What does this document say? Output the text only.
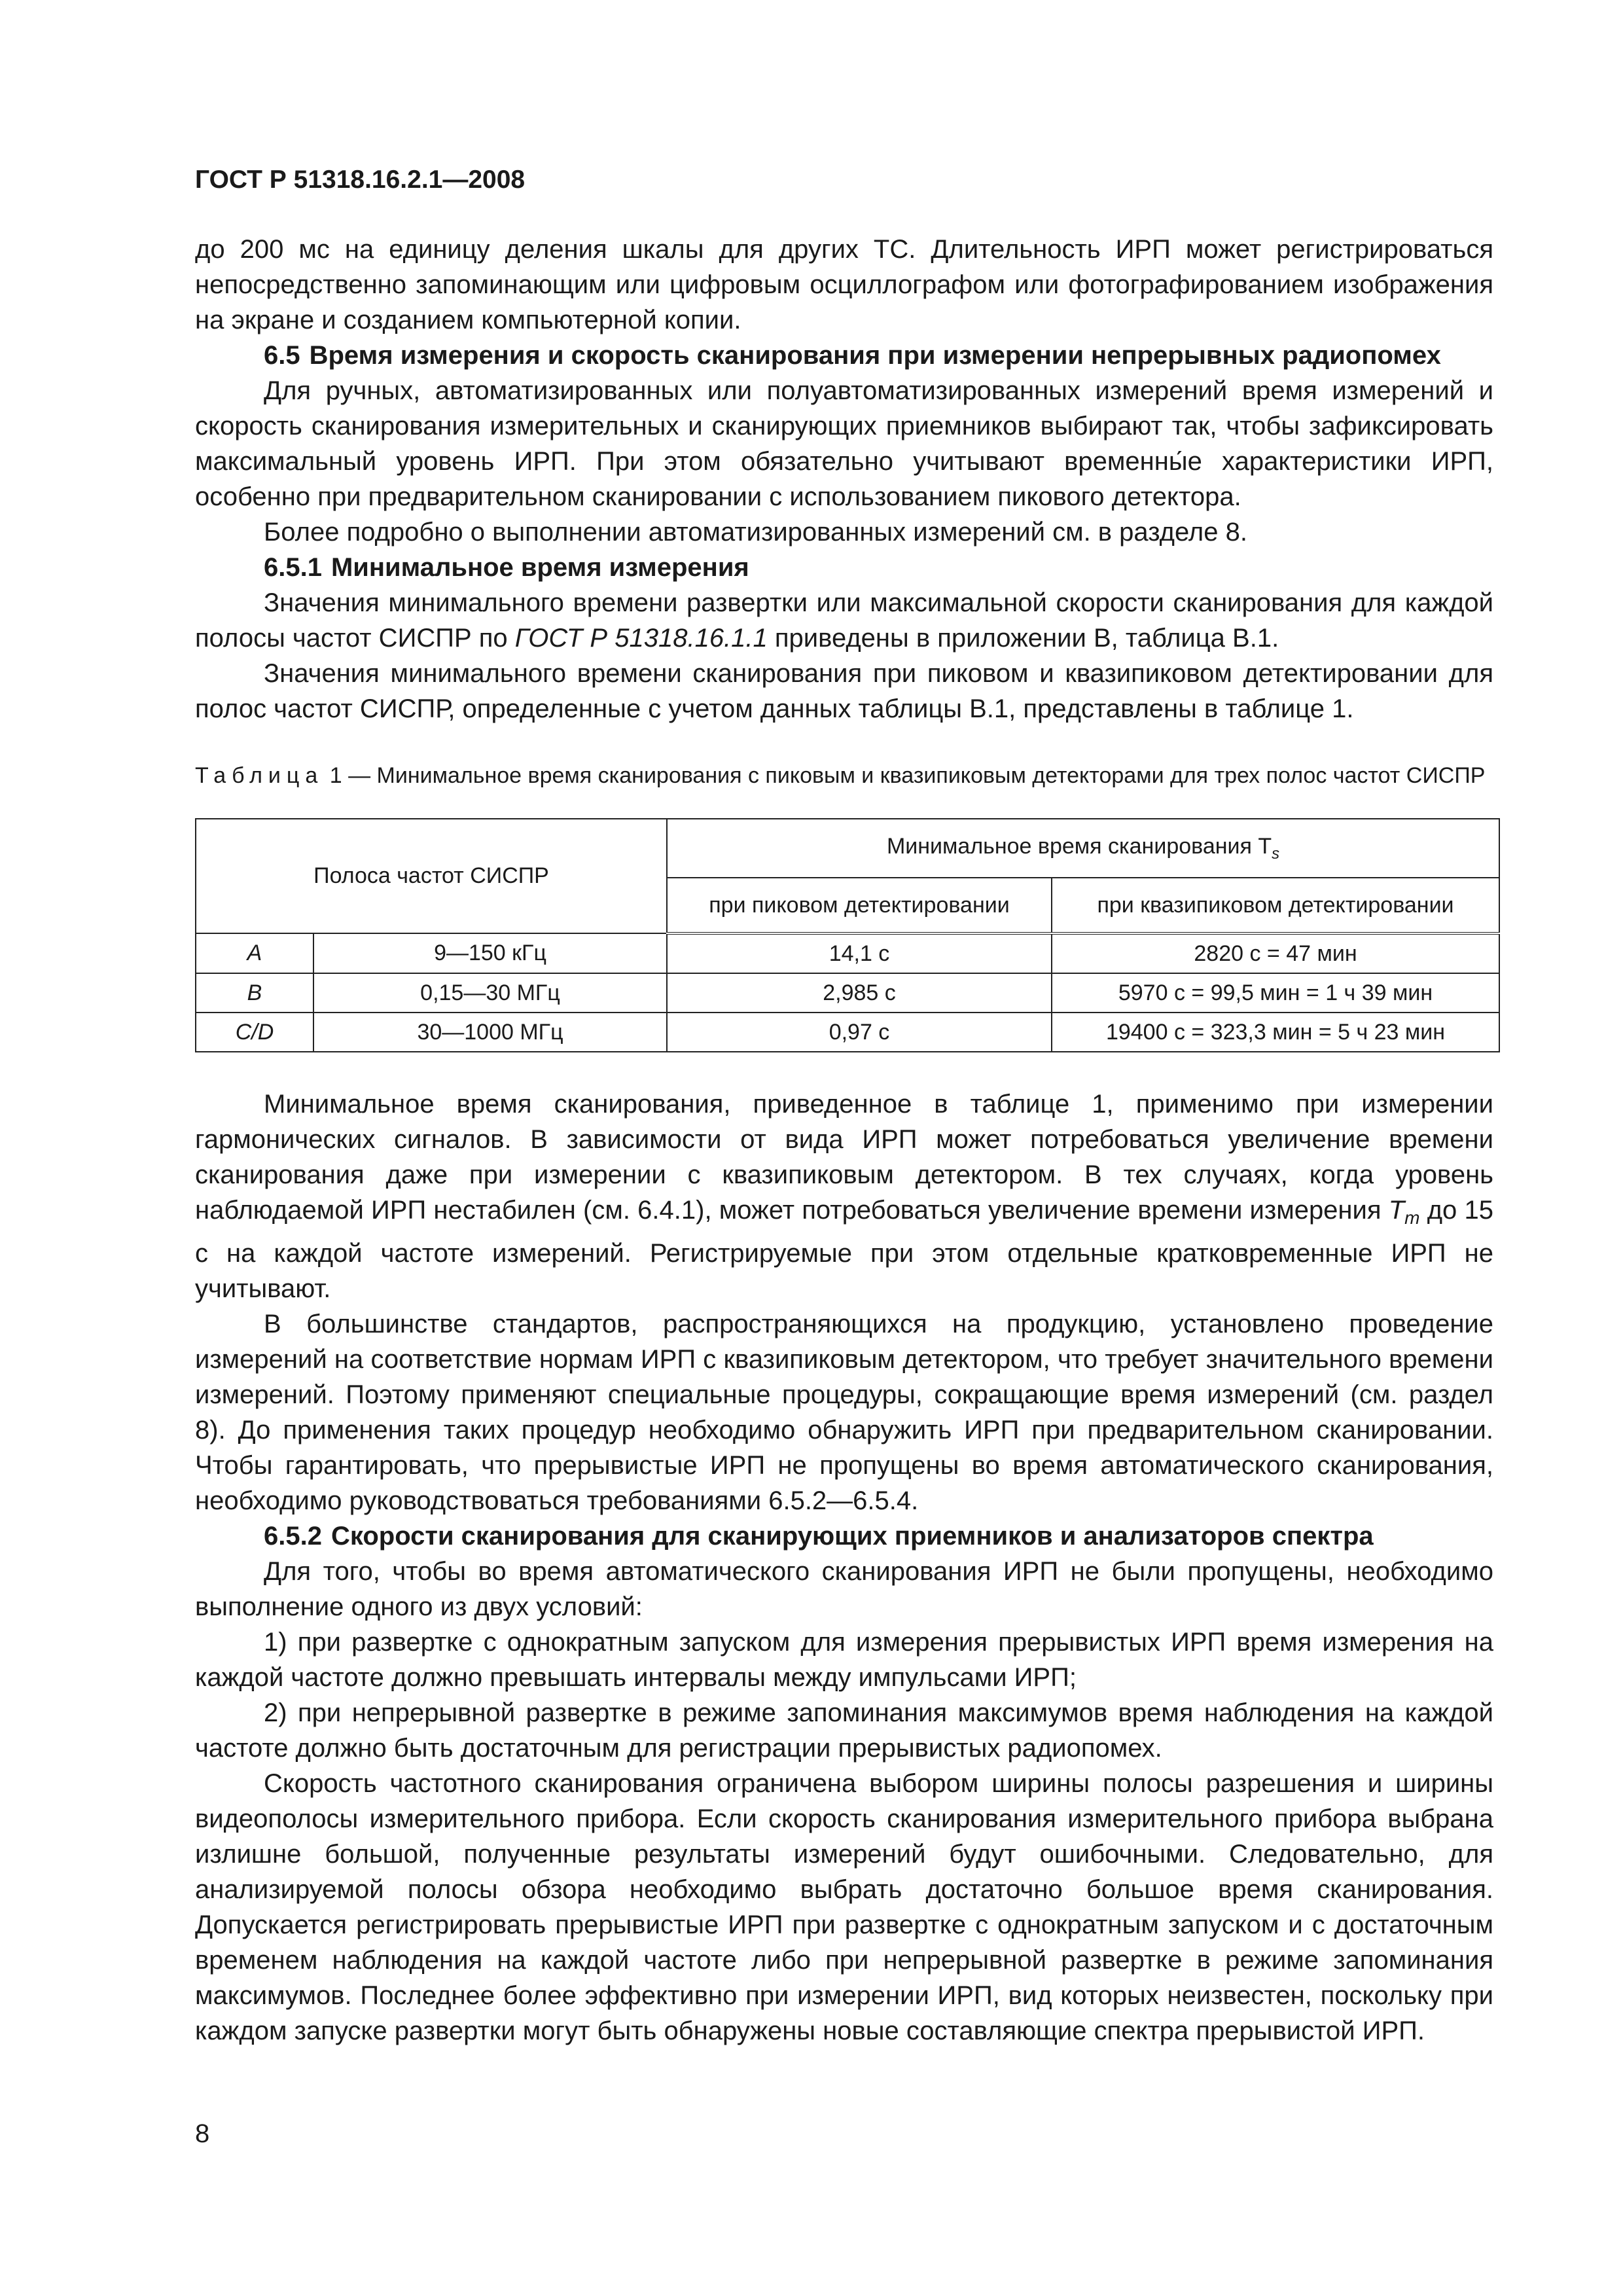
ГОСТ Р 51318.16.2.1—2008

до 200 мс на единицу деления шкалы для других ТС. Длительность ИРП может регистрироваться непосредственно запоминающим или цифровым осциллографом или фотографированием изображения на экране и созданием компьютерной копии.

6.5 Время измерения и скорость сканирования при измерении непрерывных радиопомех

Для ручных, автоматизированных или полуавтоматизированных измерений время измерений и скорость сканирования измерительных и сканирующих приемников выбирают так, чтобы зафиксировать максимальный уровень ИРП. При этом обязательно учитывают временны́е характеристики ИРП, особенно при предварительном сканировании с использованием пикового детектора.

Более подробно о выполнении автоматизированных измерений см. в разделе 8.

6.5.1 Минимальное время измерения

Значения минимального времени развертки или максимальной скорости сканирования для каждой полосы частот СИСПР по ГОСТ Р 51318.16.1.1 приведены в приложении В, таблица В.1.

Значения минимального времени сканирования при пиковом и квазипиковом детектировании для полос частот СИСПР, определенные с учетом данных таблицы В.1, представлены в таблице 1.

Таблица 1 — Минимальное время сканирования с пиковым и квазипиковым детекторами для трех полос частот СИСПР

Полоса частот СИСПР		Минимальное время сканирования $T_s$
		при пиковом детектировании	при квазипиковом детектировании
A	9—150 кГц	14,1 с	2820 с = 47 мин
B	0,15—30 МГц	2,985 с	5970 с = 99,5 мин = 1 ч 39 мин
C/D	30—1000 МГц	0,97 с	19400 с = 323,3 мин = 5 ч 23 мин

Минимальное время сканирования, приведенное в таблице 1, применимо при измерении гармонических сигналов. В зависимости от вида ИРП может потребоваться увеличение времени сканирования даже при измерении с квазипиковым детектором. В тех случаях, когда уровень наблюдаемой ИРП нестабилен (см. 6.4.1), может потребоваться увеличение времени измерения $T_m$ до 15 с на каждой частоте измерений. Регистрируемые при этом отдельные кратковременные ИРП не учитывают.

В большинстве стандартов, распространяющихся на продукцию, установлено проведение измерений на соответствие нормам ИРП с квазипиковым детектором, что требует значительного времени измерений. Поэтому применяют специальные процедуры, сокращающие время измерений (см. раздел 8). До применения таких процедур необходимо обнаружить ИРП при предварительном сканировании. Чтобы гарантировать, что прерывистые ИРП не пропущены во время автоматического сканирования, необходимо руководствоваться требованиями 6.5.2—6.5.4.

6.5.2 Скорости сканирования для сканирующих приемников и анализаторов спектра

Для того, чтобы во время автоматического сканирования ИРП не были пропущены, необходимо выполнение одного из двух условий:

1) при развертке с однократным запуском для измерения прерывистых ИРП время измерения на каждой частоте должно превышать интервалы между импульсами ИРП;

2) при непрерывной развертке в режиме запоминания максимумов время наблюдения на каждой частоте должно быть достаточным для регистрации прерывистых радиопомех.

Скорость частотного сканирования ограничена выбором ширины полосы разрешения и ширины видеополосы измерительного прибора. Если скорость сканирования измерительного прибора выбрана излишне большой, полученные результаты измерений будут ошибочными. Следовательно, для анализируемой полосы обзора необходимо выбрать достаточно большое время сканирования. Допускается регистрировать прерывистые ИРП при развертке с однократным запуском и с достаточным временем наблюдения на каждой частоте либо при непрерывной развертке в режиме запоминания максимумов. Последнее более эффективно при измерении ИРП, вид которых неизвестен, поскольку при каждом запуске развертки могут быть обнаружены новые составляющие спектра прерывистой ИРП.

8
